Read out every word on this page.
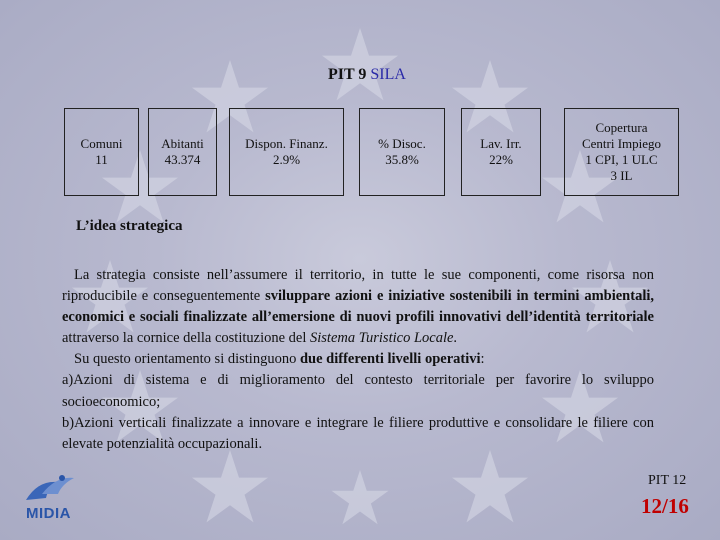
PIT 9 SILA
Comuni
11
Abitanti
43.374
Dispon. Finanz.
2.9%
% Disoc.
35.8%
Lav. Irr.
22%
Copertura
Centri Impiego
1 CPI, 1 ULC
3 IL
L’idea strategica

La strategia consiste nell’assumere il territorio, in tutte le sue componenti, come risorsa non riproducibile e conseguentemente sviluppare azioni e iniziative sostenibili in termini ambientali, economici e sociali finalizzate all’emersione di nuovi profili innovativi dell’identità territoriale attraverso la cornice della costituzione del Sistema Turistico Locale.

Su questo orientamento si distinguono due differenti livelli operativi:

a)Azioni di sistema e di miglioramento del contesto territoriale per favorire lo sviluppo socioeconomico;

b)Azioni verticali finalizzate a innovare e integrare le filiere produttive e consolidare le filiere con elevate potenzialità occupazionali.

MIDIA
PIT 12
12/16
